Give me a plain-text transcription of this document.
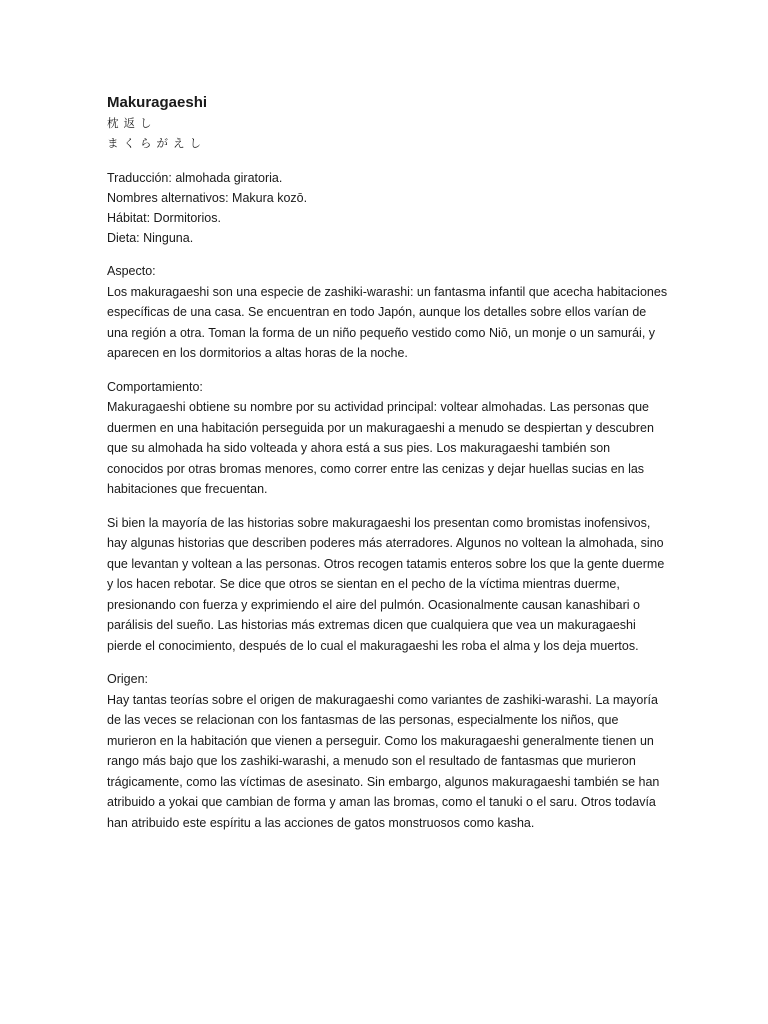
Makuragaeshi

枕返し

まくらがえし

Traducción: almohada giratoria.
Nombres alternativos: Makura kozō.
Hábitat: Dormitorios.
Dieta: Ninguna.

Aspecto:

Los makuragaeshi son una especie de zashiki-warashi: un fantasma infantil que acecha habitaciones específicas de una casa. Se encuentran en todo Japón, aunque los detalles sobre ellos varían de una región a otra. Toman la forma de un niño pequeño vestido como Niō, un monje o un samurái, y aparecen en los dormitorios a altas horas de la noche.

Comportamiento:

Makuragaeshi obtiene su nombre por su actividad principal: voltear almohadas. Las personas que duermen en una habitación perseguida por un makuragaeshi a menudo se despiertan y descubren que su almohada ha sido volteada y ahora está a sus pies. Los makuragaeshi también son conocidos por otras bromas menores, como correr entre las cenizas y dejar huellas sucias en las habitaciones que frecuentan.

Si bien la mayoría de las historias sobre makuragaeshi los presentan como bromistas inofensivos, hay algunas historias que describen poderes más aterradores. Algunos no voltean la almohada, sino que levantan y voltean a las personas. Otros recogen tatamis enteros sobre los que la gente duerme y los hacen rebotar. Se dice que otros se sientan en el pecho de la víctima mientras duerme, presionando con fuerza y exprimiendo el aire del pulmón. Ocasionalmente causan kanashibari o parálisis del sueño. Las historias más extremas dicen que cualquiera que vea un makuragaeshi pierde el conocimiento, después de lo cual el makuragaeshi les roba el alma y los deja muertos.

Origen:

Hay tantas teorías sobre el origen de makuragaeshi como variantes de zashiki-warashi. La mayoría de las veces se relacionan con los fantasmas de las personas, especialmente los niños, que murieron en la habitación que vienen a perseguir. Como los makuragaeshi generalmente tienen un rango más bajo que los zashiki-warashi, a menudo son el resultado de fantasmas que murieron trágicamente, como las víctimas de asesinato. Sin embargo, algunos makuragaeshi también se han atribuido a yokai que cambian de forma y aman las bromas, como el tanuki o el saru. Otros todavía han atribuido este espíritu a las acciones de gatos monstruosos como kasha.
